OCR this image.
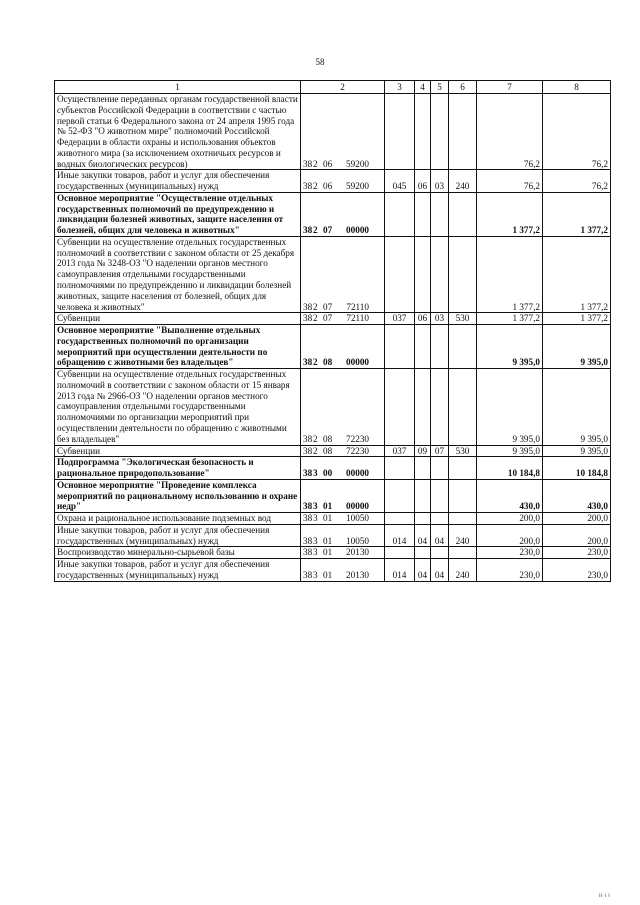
58
1	2	3	4	5	6	7	8
Осуществление переданных органам государственной власти субъектов Российской Федерации в соответствии с частью первой статьи 6 Федерального закона от 24 апреля 1995 года № 52-ФЗ "О животном мире" полномочий Российской Федерации в области охраны и использования объектов животного мира (за исключением охотничьих ресурсов и водных биологических ресурсов)	382 06 59200					76,2	76,2
Иные закупки товаров, работ и услуг для обеспечения государственных (муниципальных) нужд	382 06 59200	045	06	03	240	76,2	76,2
Основное мероприятие "Осуществление отдельных государственных полномочий по предупреждению и ликвидации болезней животных, защите населения от болезней, общих для человека и животных"	382 07 00000					1 377,2	1 377,2
Субвенции на осуществление отдельных государственных полномочий в соответствии с законом области от 25 декабря 2013 года № 3248-ОЗ "О наделении органов местного самоуправления отдельными государственными полномочиями по предупреждению и ликвидации болезней животных, защите населения от болезней, общих для человека и животных"	382 07 72110					1 377,2	1 377,2
Субвенции	382 07 72110	037	06	03	530	1 377,2	1 377,2
Основное мероприятие "Выполнение отдельных государственных полномочий по организации мероприятий при осуществлении деятельности по обращению с животными без владельцев"	382 08 00000					9 395,0	9 395,0
Субвенции на осуществление отдельных государственных полномочий в соответствии с законом области от 15 января 2013 года № 2966-ОЗ "О наделении органов местного самоуправления отдельными государственными полномочиями по организации мероприятий при осуществлении деятельности по обращению с животными без владельцев"	382 08 72230					9 395,0	9 395,0
Субвенции	382 08 72230	037	09	07	530	9 395,0	9 395,0
Подпрограмма "Экологическая безопасность и рациональное природопользование"	383 00 00000					10 184,8	10 184,8
Основное мероприятие "Проведение комплекса мероприятий по рациональному использованию и охране недр"	383 01 00000					430,0	430,0
Охрана и рациональное использование подземных вод	383 01 10050					200,0	200,0
Иные закупки товаров, работ и услуг для обеспечения государственных (муниципальных) нужд	383 01 10050	014	04	04	240	200,0	200,0
Воспроизводство минерально-сырьевой базы	383 01 20130					230,0	230,0
Иные закупки товаров, работ и услуг для обеспечения государственных (муниципальных) нужд	383 01 20130	014	04	04	240	230,0	230,0
ᵻᵻ ᵻ ᵻ
